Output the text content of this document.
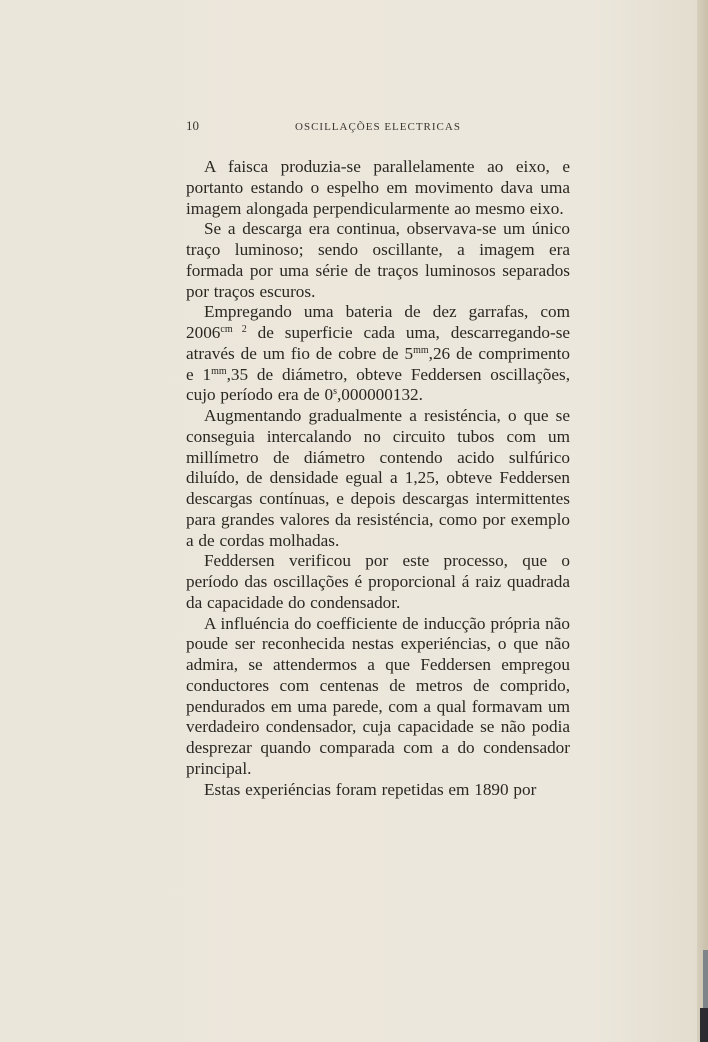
10	OSCILLAÇÕES ELECTRICAS

A faisca produzia-se parallelamente ao eixo, e portanto estando o espelho em movimento dava uma imagem alongada perpendicularmente ao mesmo eixo.

Se a descarga era continua, observava-se um único traço luminoso; sendo oscillante, a imagem era formada por uma série de traços luminosos separados por traços escuros.

Empregando uma bateria de dez garrafas, com $2006^{cm 2}$ de superficie cada uma, descarregando-se através de um fio de cobre de $5^{mm},26$ de comprimento e $1^{mm},35$ de diámetro, obteve Feddersen oscillações, cujo período era de 0$^s$,000000132.

Augmentando gradualmente a resisténcia, o que se conseguia intercalando no circuito tubos com um millímetro de diámetro contendo acido sulfúrico diluído, de densidade egual a 1,25, obteve Feddersen descargas contínuas, e depois descargas intermittentes para grandes valores da resisténcia, como por exemplo a de cordas molhadas.

Feddersen verificou por este processo, que o período das oscillações é proporcional á raiz quadrada da capacidade do condensador.

A influéncia do coefficiente de inducção própria não poude ser reconhecida nestas experiéncias, o que não admira, se attendermos a que Feddersen empregou conductores com centenas de metros de comprido, pendurados em uma parede, com a qual formavam um verdadeiro condensador, cuja capacidade se não podia desprezar quando comparada com a do condensador principal.

Estas experiéncias foram repetidas em 1890 por
